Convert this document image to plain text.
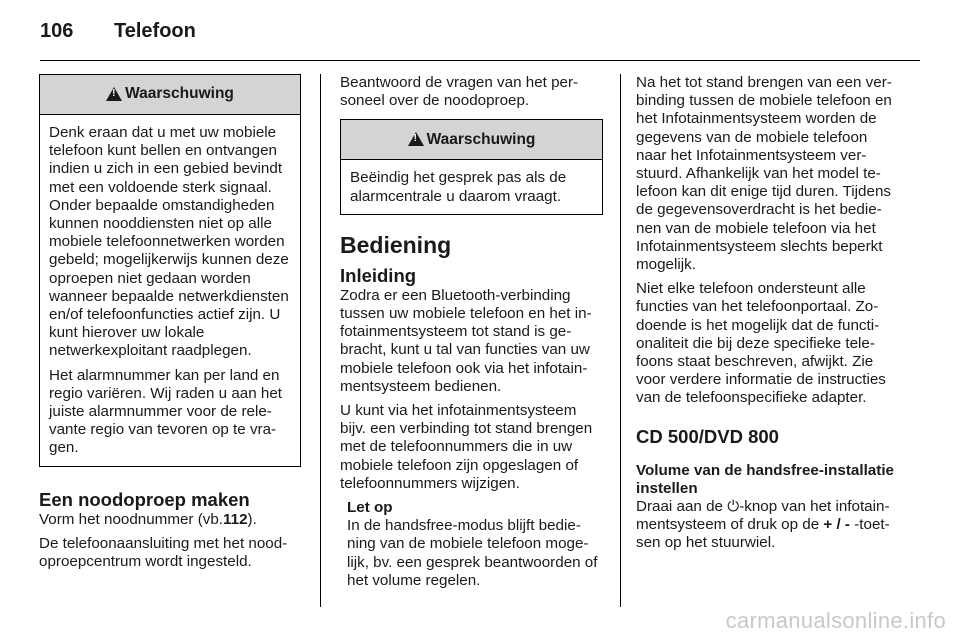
106	Telefoon
!
Waarschuwing

Denk eraan dat u met uw mobiele telefoon kunt bellen en ontvangen indien u zich in een gebied bevindt met een voldoende sterk signaal. Onder bepaalde omstandigheden kunnen nooddiensten niet op alle mobiele telefoonnetwerken worden gebeld; mogelijkerwijs kunnen deze oproepen niet gedaan worden wanneer bepaalde netwerkdiensten en/of telefoonfuncties actief zijn. U kunt hierover uw lokale netwerkexploitant raadplegen.

Het alarmnummer kan per land en regio variëren. Wij raden u aan het juiste alarmnummer voor de relevante regio van tevoren op te vragen.

Een noodoproep maken

Vorm het noodnummer (vb.112).

De telefoonaansluiting met het noodoproepcentrum wordt ingesteld.

Beantwoord de vragen van het personeel over de noodoproep.

!
Waarschuwing

Beëindig het gesprek pas als de alarmcentrale u daarom vraagt.

Bediening
Inleiding

Zodra er een Bluetooth-verbinding tussen uw mobiele telefoon en het infotainmentsysteem tot stand is gebracht, kunt u tal van functies van uw mobiele telefoon ook via het infotainmentsysteem bedienen.

U kunt via het infotainmentsysteem bijv. een verbinding tot stand brengen met de telefoonnummers die in uw mobiele telefoon zijn opgeslagen of telefoonnummers wijzigen.

Let op
In de handsfree-modus blijft bediening van de mobiele telefoon mogelijk, bv. een gesprek beantwoorden of het volume regelen.

Na het tot stand brengen van een verbinding tussen de mobiele telefoon en het Infotainmentsysteem worden de gegevens van de mobiele telefoon naar het Infotainmentsysteem verstuurd. Afhankelijk van het model telefoon kan dit enige tijd duren. Tijdens de gegevensoverdracht is het bedienen van de mobiele telefoon via het Infotainmentsysteem slechts beperkt mogelijk.

Niet elke telefoon ondersteunt alle functies van het telefoonportaal. Zodoende is het mogelijk dat de functionaliteit die bij deze specifieke telefoons staat beschreven, afwijkt. Zie voor verdere informatie de instructies van de telefoonspecifieke adapter.

CD 500/DVD 800
Volume van de handsfree-installatie instellen

Draai aan de ⏻-knop van het infotainmentsysteem of druk op de + / - -toetsen op het stuurwiel.

carmanualsonline.info
